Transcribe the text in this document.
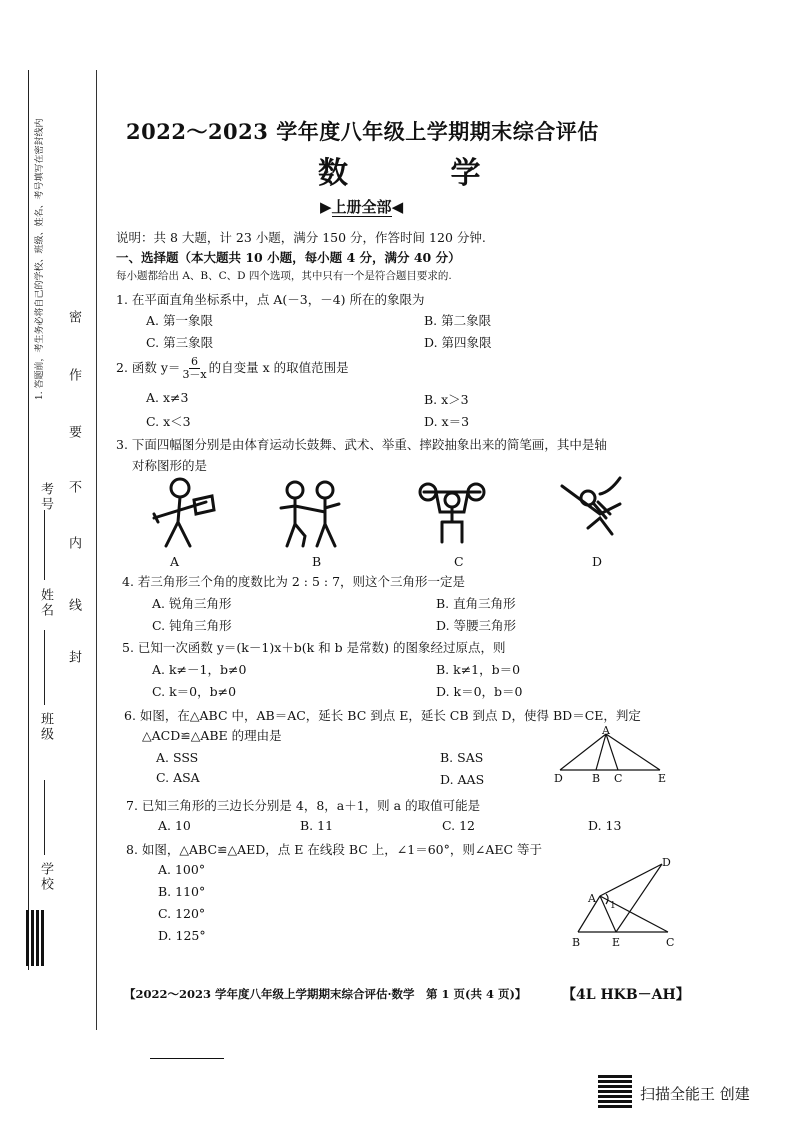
1. 答题前，考生务必将自己的学校、班级、姓名、考号填写在密封线内 密
封
线
内
不
要
作
学校
班级
姓名
考号
2022～2023 学年度八年级上学期期末综合评估
数 学
▶上册全部◀
说明：共 8 大题，计 23 小题，满分 150 分，作答时间 120 分钟.
一、选择题（本大题共 10 小题，每小题 4 分，满分 40 分）
每小题都给出 A、B、C、D 四个选项，其中只有一个是符合题目要求的.
1. 在平面直角坐标系中，点 A(－3，－4) 所在的象限为
A. 第一象限	B. 第二象限
C. 第三象限	D. 第四象限
2. 函数 $y= \frac{6}{3-x}$ 的自变量 x 的取值范围是
A. x≠3	B. x＞3
C. x＜3	D. x＝3
3. 下面四幅图分别是由体育运动长鼓舞、武术、举重、摔跤抽象出来的简笔画，其中是轴
对称图形的是
A	B	C	D
4. 若三角形三个角的度数比为 2 : 5 : 7，则这个三角形一定是
A. 锐角三角形	B. 直角三角形
C. 钝角三角形	D. 等腰三角形
5. 已知一次函数 y＝(k－1)x＋b(k 和 b 是常数) 的图象经过原点，则
A. k≠－1，b≠0	B. k≠1，b＝0
C. k＝0，b≠0	D. k＝0，b＝0
6. 如图，在△ABC 中，AB＝AC，延长 BC 到点 E，延长 CB 到点 D，使得 BD＝CE，判定
△ACD≌△ABE 的理由是
A. SSS	B. SAS
C. ASA	D. AAS
A
D	B C	E
7. 已知三角形的三边长分别是 4，8，a＋1，则 a 的取值可能是
A. 10	B. 11	C. 12	D. 13
8. 如图，△ABC≌△AED，点 E 在线段 BC 上，∠1＝60°，则∠AEC 等于
A. 100°
B. 110°
C. 120°
D. 125°
D
A
B	E	C
1
【2022～2023 学年度八年级上学期期末综合评估·数学　第 1 页(共 4 页)】	【4L HKB－AH】
扫描全能王 创建
